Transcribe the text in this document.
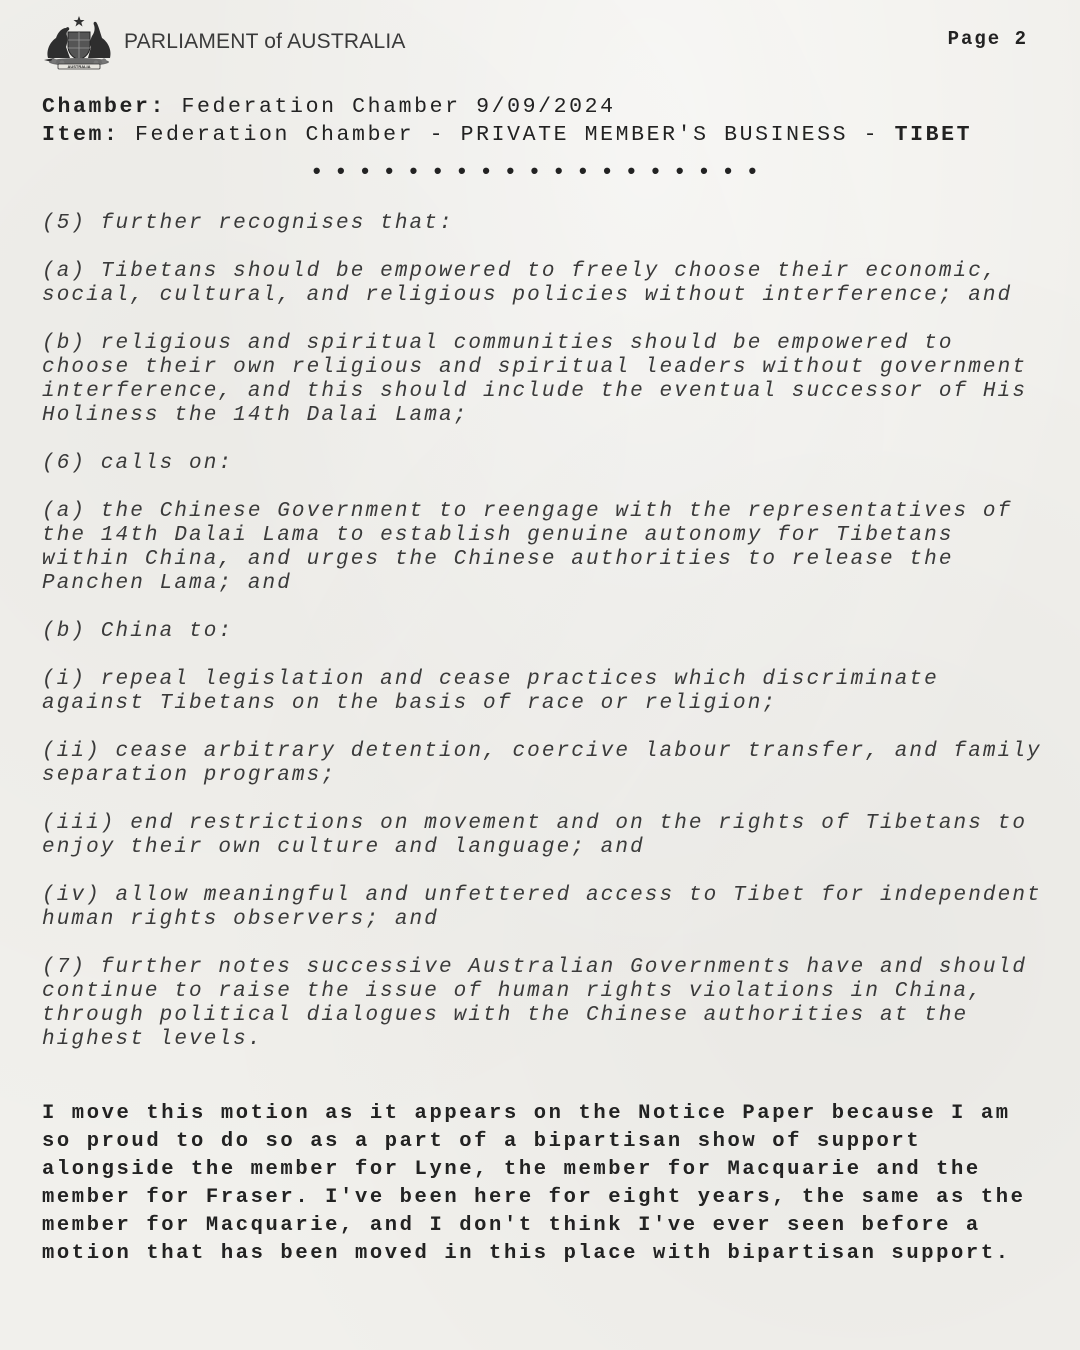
AUSTRALIA
PARLIAMENT of AUSTRALIA	Page 2
Chamber: Federation Chamber 9/09/2024
Item: Federation Chamber - PRIVATE MEMBER'S BUSINESS - TIBET
•••••••••••••••••••

(5) further recognises that:

(a) Tibetans should be empowered to freely choose their economic, social, cultural, and religious policies without interference; and

(b) religious and spiritual communities should be empowered to choose their own religious and spiritual leaders without government interference, and this should include the eventual successor of His Holiness the 14th Dalai Lama;

(6) calls on:

(a) the Chinese Government to reengage with the representatives of the 14th Dalai Lama to establish genuine autonomy for Tibetans within China, and urges the Chinese authorities to release the Panchen Lama; and

(b) China to:

(i) repeal legislation and cease practices which discriminate against Tibetans on the basis of race or religion;

(ii) cease arbitrary detention, coercive labour transfer, and family separation programs;

(iii) end restrictions on movement and on the rights of Tibetans to enjoy their own culture and language; and

(iv) allow meaningful and unfettered access to Tibet for independent human rights observers; and

(7) further notes successive Australian Governments have and should continue to raise the issue of human rights violations in China, through political dialogues with the Chinese authorities at the highest levels.

I move this motion as it appears on the Notice Paper because I am so proud to do so as a part of a bipartisan show of support alongside the member for Lyne, the member for Macquarie and the member for Fraser. I've been here for eight years, the same as the member for Macquarie, and I don't think I've ever seen before a motion that has been moved in this place with bipartisan support.
